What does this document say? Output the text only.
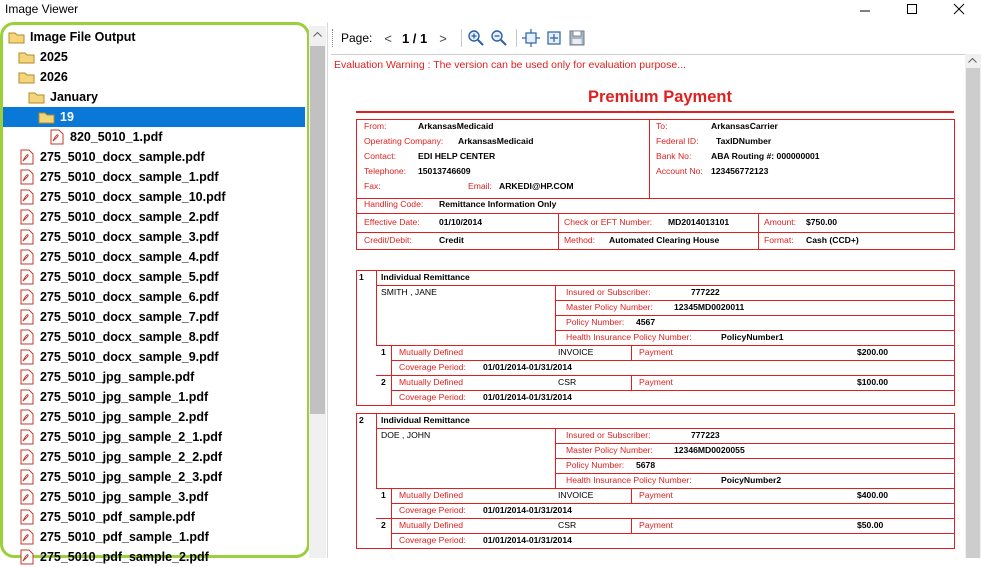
Image Viewer
Image File Output
2025
2026
January
19
820_5010_1.pdf
275_5010_docx_sample.pdf
275_5010_docx_sample_1.pdf
275_5010_docx_sample_10.pdf
275_5010_docx_sample_2.pdf
275_5010_docx_sample_3.pdf
275_5010_docx_sample_4.pdf
275_5010_docx_sample_5.pdf
275_5010_docx_sample_6.pdf
275_5010_docx_sample_7.pdf
275_5010_docx_sample_8.pdf
275_5010_docx_sample_9.pdf
275_5010_jpg_sample.pdf
275_5010_jpg_sample_1.pdf
275_5010_jpg_sample_2.pdf
275_5010_jpg_sample_2_1.pdf
275_5010_jpg_sample_2_2.pdf
275_5010_jpg_sample_2_3.pdf
275_5010_jpg_sample_3.pdf
275_5010_pdf_sample.pdf
275_5010_pdf_sample_1.pdf
275_5010_pdf_sample_2.pdf
Page: < 1 / 1 >
Evaluation Warning : The version can be used only for evaluation purpose...
Premium Payment
From:	ArkansasMedicaid
Operating Company: ArkansasMedicaid
Contact:	EDI HELP CENTER
Telephone: 15013746609
Fax:	Email: ARKEDI@HP.COM
To:	ArkansasCarrier
Federal ID: TaxIDNumber
Bank No: ABA Routing #: 000000001
Account No: 123456772123
Handling Code: Remittance Information Only
Effective Date: 01/10/2014	Check or EFT Number: MD2014013101	Amount: $750.00
Credit/Debit:	Credit	Method: Automated Clearing House	Format: Cash (CCD+)
1 Individual Remittance
SMITH , JANE	Insured or Subscriber:	777222
Master Policy Number: 12345MD0020011
Policy Number: 4567
Health Insurance Policy Number:	PolicyNumber1
1 Mutually Defined	INVOICE	Payment	$200.00
Coverage Period: 01/01/2014-01/31/2014
2 Mutually Defined	CSR	Payment	$100.00
Coverage Period: 01/01/2014-01/31/2014
2 Individual Remittance
DOE , JOHN	Insured or Subscriber:	777223
Master Policy Number: 12346MD0020055
Policy Number: 5678
Health Insurance Policy Number:	PoicyNumber2
1 Mutually Defined	INVOICE	Payment	$400.00
Coverage Period: 01/01/2014-01/31/2014
2 Mutually Defined	CSR	Payment	$50.00
Coverage Period: 01/01/2014-01/31/2014
